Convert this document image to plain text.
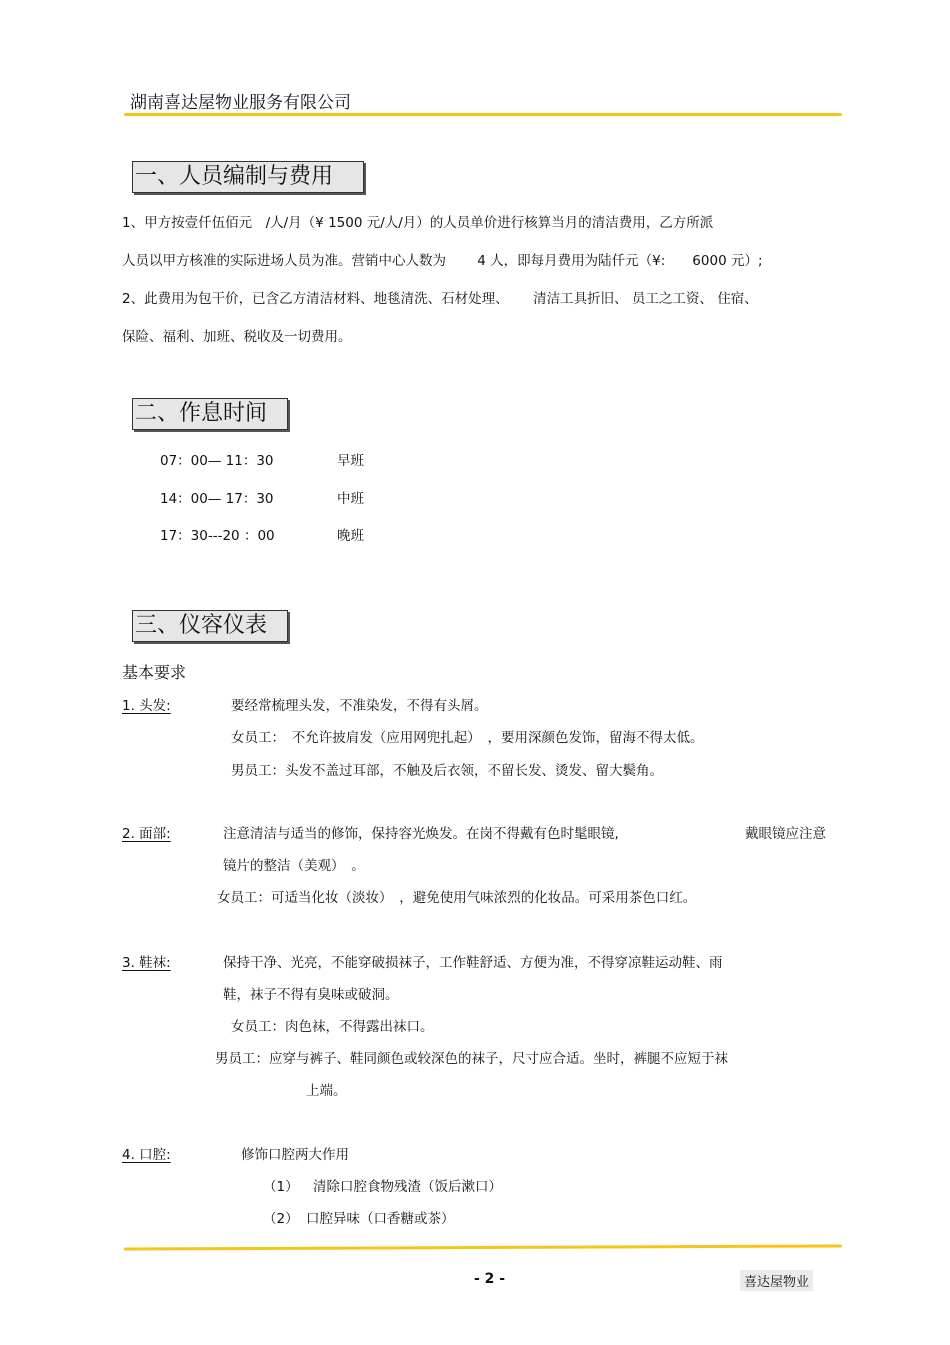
湖南喜达屋物业服务有限公司
一、人员编制与费用
1、甲方按壹仟伍佰元　/人/月（¥ 1500 元/人/月）的人员单价进行核算当月的清洁费用，乙方所派
人员以甲方核准的实际进场人员为准。营销中心人数为　　 4 人，即每月费用为陆仟元（¥:　　6000 元）;
2、此费用为包干价，已含乙方清洁材料、地毯清洗、石材处理、　　 清洁工具折旧、 员工之工资、 住宿、
保险、福利、加班、税收及一切费用。
二、作息时间
07：00— 11：30	早班
14：00— 17：30	中班
17：30---20 ：00	晚班
三、仪容仪表
基本要求
1. 头发:	要经常梳理头发，不准染发，不得有头屑。
女员工：　不允许披肩发（应用网兜扎起）　，要用深颜色发饰，留海不得太低。
男员工：头发不盖过耳部，不触及后衣领，不留长发、烫发、留大鬓角。
2. 面部:	注意清洁与适当的修饰，保持容光焕发。在岗不得戴有色时髦眼镜,	戴眼镜应注意
镜片的整洁（美观）　。
女员工：可适当化妆（淡妆）　，避免使用气味浓烈的化妆品。可采用茶色口红。
3. 鞋袜:	保持干净、光亮，不能穿破损袜子，工作鞋舒适、方便为准，不得穿凉鞋运动鞋、雨
鞋，袜子不得有臭味或破洞。
女员工：肉色袜，不得露出袜口。
男员工：应穿与裤子、鞋同颜色或较深色的袜子，尺寸应合适。坐时，裤腿不应短于袜
上端。
4. 口腔:	修饰口腔两大作用
（1） 清除口腔食物残渣（饭后漱口）
（2） 口腔异味（口香糖或茶）
- 2 -	喜达屋物业
